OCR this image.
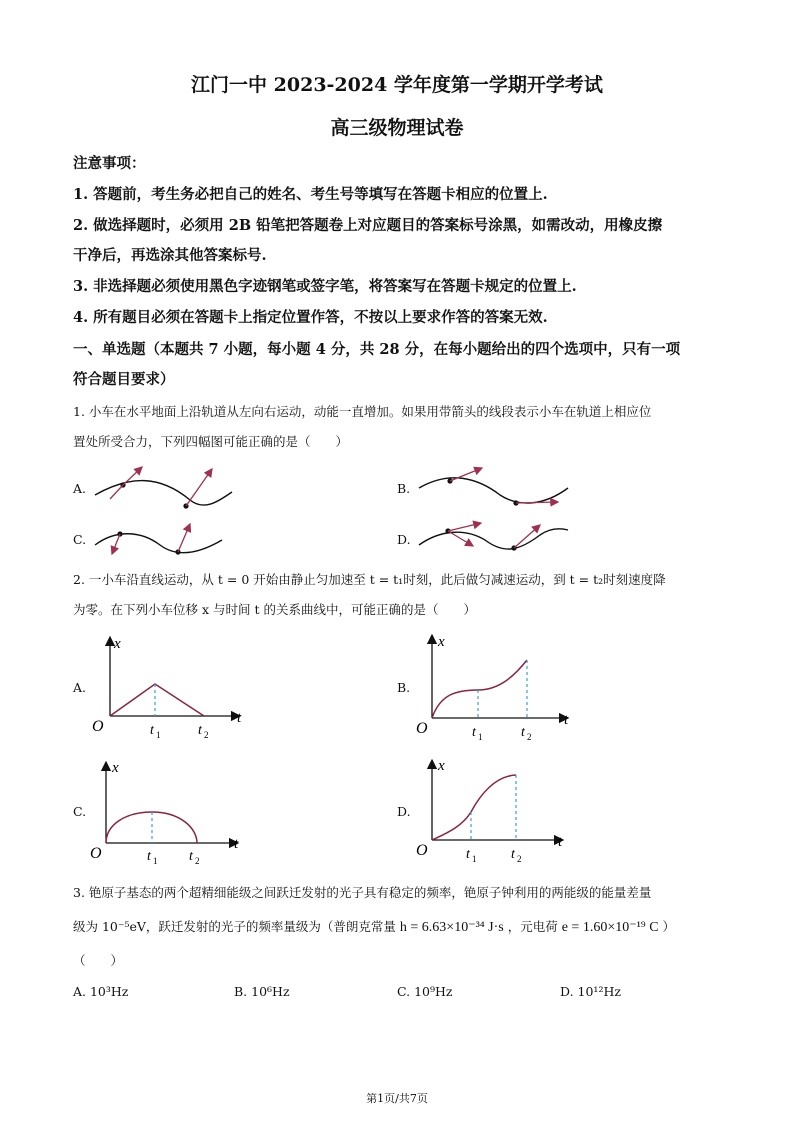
江门一中 2023-2024 学年度第一学期开学考试
高三级物理试卷
注意事项：
1. 答题前，考生务必把自己的姓名、考生号等填写在答题卡相应的位置上.
2. 做选择题时，必须用 2B 铅笔把答题卷上对应题目的答案标号涂黑，如需改动，用橡皮擦
干净后，再选涂其他答案标号.
3. 非选择题必须使用黑色字迹钢笔或签字笔，将答案写在答题卡规定的位置上.
4. 所有题目必须在答题卡上指定位置作答，不按以上要求作答的答案无效.
一、单选题（本题共 7 小题，每小题 4 分，共 28 分，在每小题给出的四个选项中，只有一项
符合题目要求）
1. 小车在水平地面上沿轨道从左向右运动，动能一直增加。如果用带箭头的线段表示小车在轨道上相应位
置处所受合力，下列四幅图可能正确的是（　　）
A.	B.
C.	D.
2. 一小车沿直线运动，从 t = 0 开始由静止匀加速至 t = t₁时刻，此后做匀减速运动，到 t = t₂时刻速度降
为零。在下列小车位移 x 与时间 t 的关系曲线中，可能正确的是（　　）
A.	B.
C.	D.
x
t
O	t 1	t 2
x
t
O	t 1	t 2
x
t
O	t 1 t 2
x
t
O	t 1 t 2
3. 铯原子基态的两个超精细能级之间跃迁发射的光子具有稳定的频率，铯原子钟利用的两能级的能量差量
级为 10⁻⁵eV，跃迁发射的光子的频率量级为（普朗克常量 h = 6.63×10⁻³⁴ J·s ，元电荷 e = 1.60×10⁻¹⁹ C ）
（　　）
A. 10³Hz	B. 10⁶Hz	C. 10⁹Hz	D. 10¹²Hz
第1页/共7页
